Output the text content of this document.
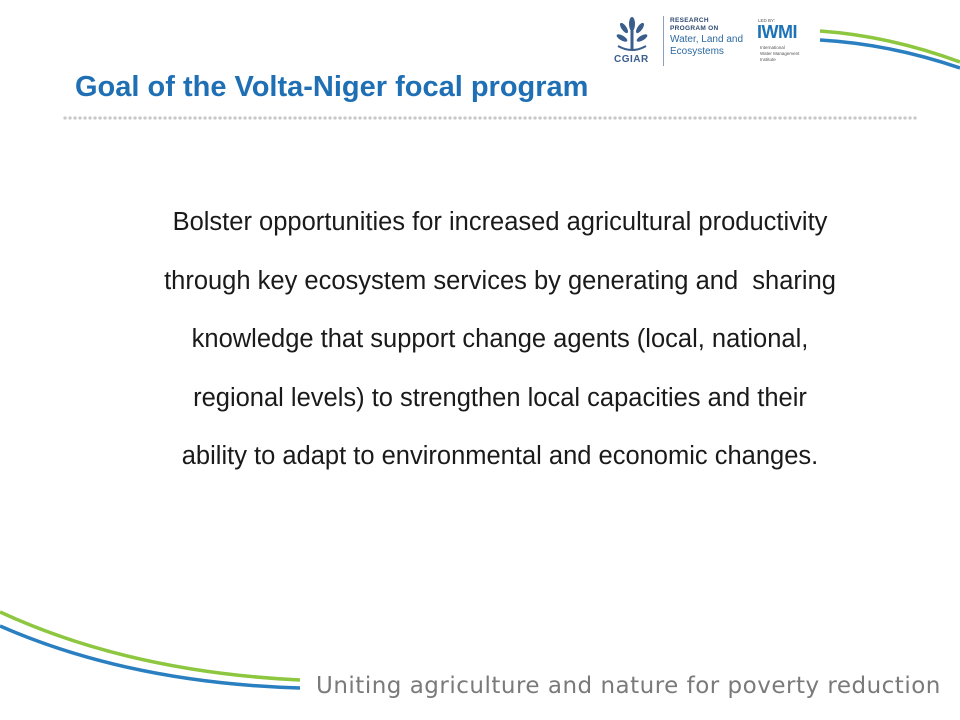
CGIAR
RESEARCH
PROGRAM ON
Water, Land and
Ecosystems
LED BY:
IWMI
International
Water Management
Institute
Goal of the Volta-Niger focal program
Bolster opportunities for increased agricultural productivity
through key ecosystem services by generating and  sharing
knowledge that support change agents (local, national,
regional levels) to strengthen local capacities and their
ability to adapt to environmental and economic changes.

Uniting agriculture and nature for poverty reduction
